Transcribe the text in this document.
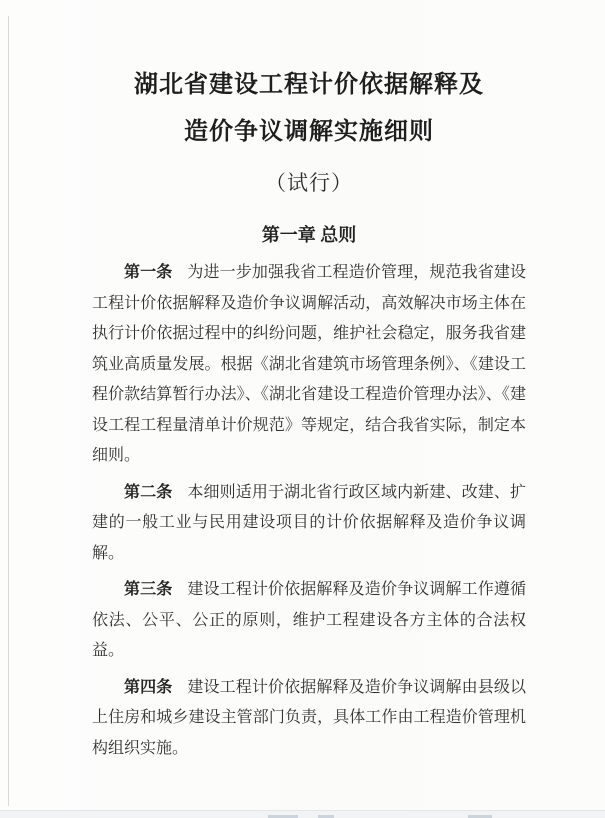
湖北省建设工程计价依据解释及
造价争议调解实施细则
（试行）
第一章 总则

第一条 为进一步加强我省工程造价管理，规范我省建设工程计价依据解释及造价争议调解活动，高效解决市场主体在执行计价依据过程中的纠纷问题，维护社会稳定，服务我省建筑业高质量发展。根据《湖北省建筑市场管理条例》、《建设工程价款结算暂行办法》、《湖北省建设工程造价管理办法》、《建设工程工程量清单计价规范》等规定，结合我省实际，制定本细则。

第二条 本细则适用于湖北省行政区域内新建、改建、扩建的一般工业与民用建设项目的计价依据解释及造价争议调解。

第三条 建设工程计价依据解释及造价争议调解工作遵循依法、公平、公正的原则，维护工程建设各方主体的合法权益。

第四条 建设工程计价依据解释及造价争议调解由县级以上住房和城乡建设主管部门负责，具体工作由工程造价管理机构组织实施。
